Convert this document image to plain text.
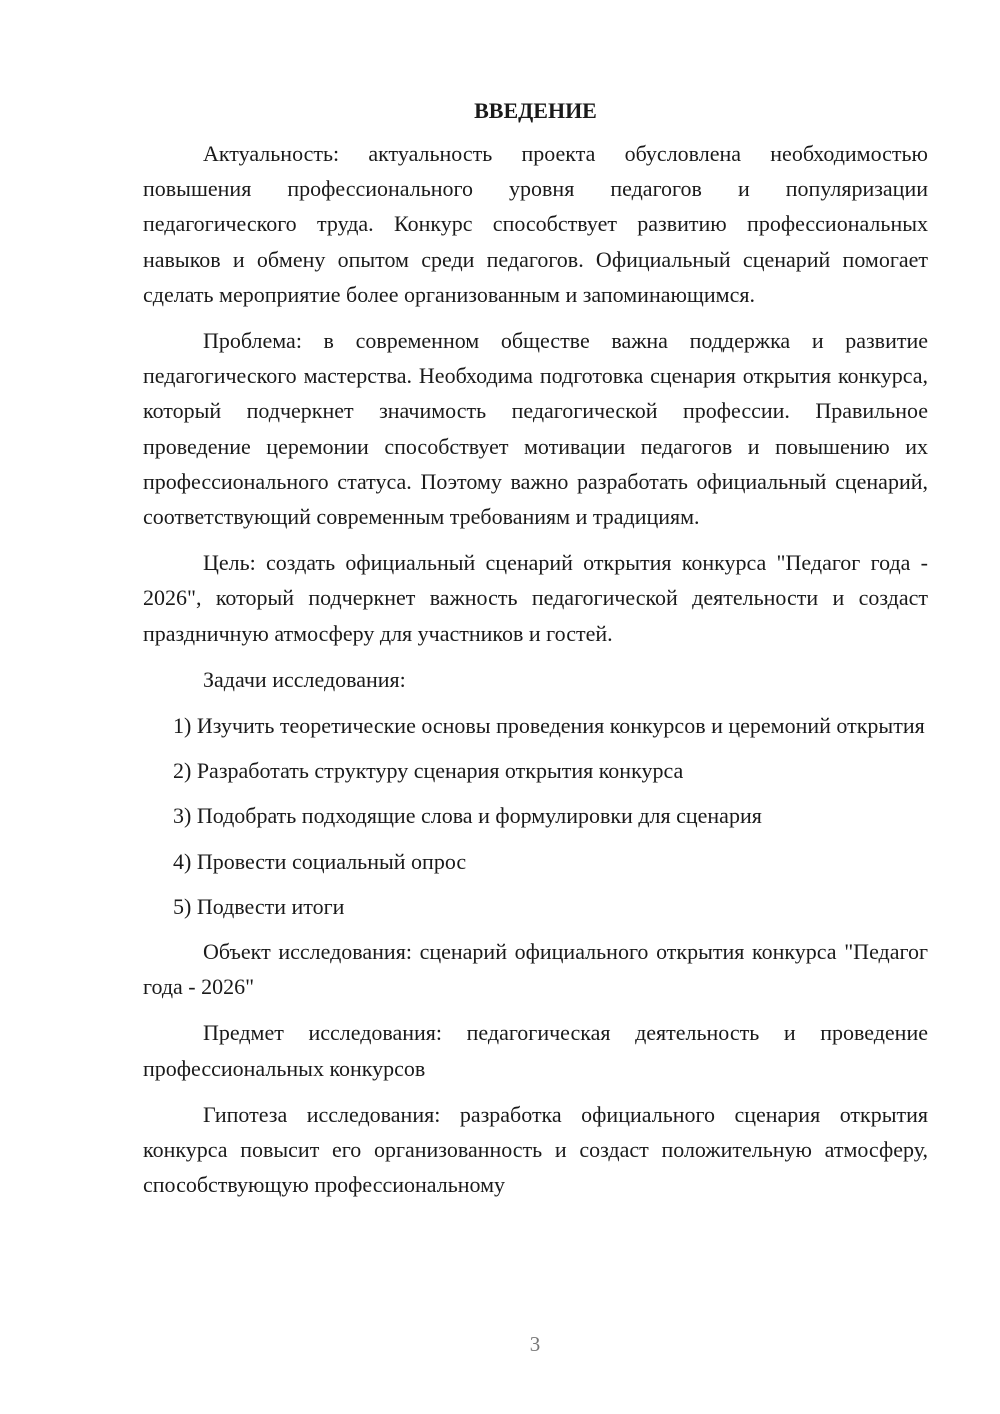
ВВЕДЕНИЕ

Актуальность: актуальность проекта обусловлена необходимостью повышения профессионального уровня педагогов и популяризации педагогического труда. Конкурс способствует развитию профессиональных навыков и обмену опытом среди педагогов. Официальный сценарий помогает сделать мероприятие более организованным и запоминающимся.

Проблема: в современном обществе важна поддержка и развитие педагогического мастерства. Необходима подготовка сценария открытия конкурса, который подчеркнет значимость педагогической профессии. Правильное проведение церемонии способствует мотивации педагогов и повышению их профессионального статуса. Поэтому важно разработать официальный сценарий, соответствующий современным требованиям и традициям.

Цель: создать официальный сценарий открытия конкурса "Педагог года - 2026", который подчеркнет важность педагогической деятельности и создаст праздничную атмосферу для участников и гостей.

Задачи исследования:

1) Изучить теоретические основы проведения конкурсов и церемоний открытия

2) Разработать структуру сценария открытия конкурса

3) Подобрать подходящие слова и формулировки для сценария

4) Провести социальный опрос

5) Подвести итоги

Объект исследования: сценарий официального открытия конкурса "Педагог года - 2026"

Предмет исследования: педагогическая деятельность и проведение профессиональных конкурсов

Гипотеза исследования: разработка официального сценария открытия конкурса повысит его организованность и создаст положительную атмосферу, способствующую профессиональному

3
